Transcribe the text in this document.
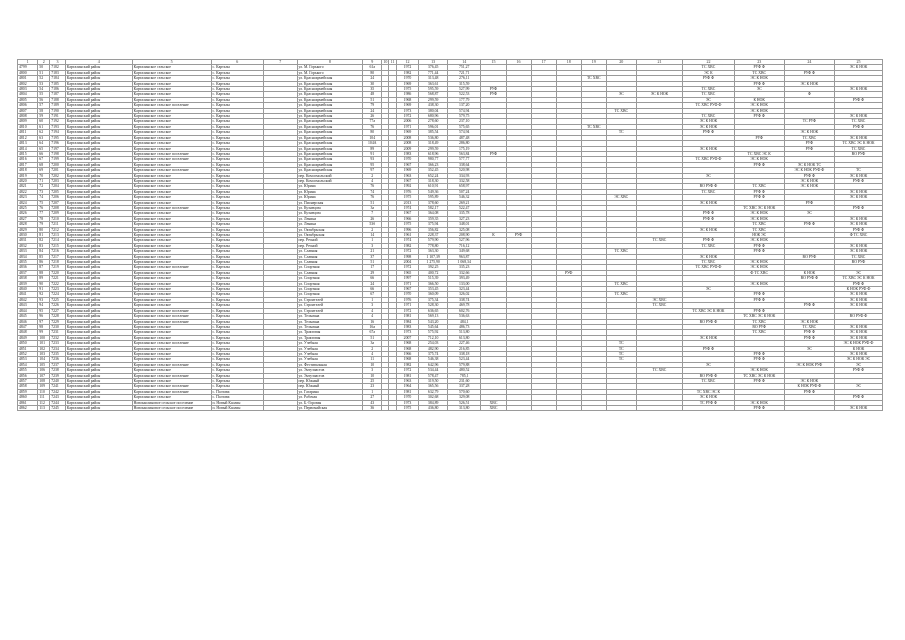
1	2	3	4	5	6	7	8	9	10	11	12	13	14	15	16	17	18	19	20	21	22	23	24	25
4799	50	7182	Карталинский район	Карталинское сельское	с. Карталы		ул. М. Горького	61а			1972	376,45	751,27								ТС ХВС	РУФ Ф		ЭС К НОК
4800	51	7183	Карталинский район	Карталинское сельское	с. Карталы		ул. М. Горького	80			1982	771,44	721,71								ЭС К	ТС ХВС	РУФ Ф	
4801	52	7184	Карталинский район	Карталинское сельское	с. Карталы		ул. Красноармейская	24			1970	313,48	276,11					ТС ХВС			РУФ Ф	ЭС К НОК		
4802	53	7185	Карталинский район	Карталинское сельское	с. Карталы		ул. Красноармейская	30			1969	363,61	315,59									РУФ Ф	ЭС К НОК	
4803	54	7186	Карталинский район	Карталинское сельское	с. Карталы		ул. Красноармейская	35			1975	595,59	527,99	РУФ							ТС ХВС	ЭС		ЭС К НОК
4804	55	7187	Карталинский район	Карталинское сельское	с. Карталы		ул. Красноармейская	48			1986	568,87	522,53	РУФ					ЭС	ЭС К НОК	ТС ХВС		Ф	
4805	56	7188	Карталинский район	Карталинское сельское	с. Карталы		ул. Красноармейская	51			1968	299,59	177,79								ЭС	К НОК		РУФ Ф
4806	57	7189	Карталинский район	Карталинское сельское поселение	с. Карталы		ул. Красноармейская	79			1969	438,30	137,20								ТС ХВС РУФ Ф	ЭС К НОК		
4807	58	7190	Карталинский район	Карталинское сельское	с. Карталы		ул. Красноармейская	24			1973	380,04	574,94						ТС ХВС			ЭС К НОК		
4808	59	7191	Карталинский район	Карталинское сельское	с. Карталы		ул. Красноармейская	26			1972	680,96	579,75								ТС ХВС	РУФ Ф		ЭС К НОК
4809	60	7192	Карталинский район	Карталинское сельское	с. Карталы		ул. Красноармейская	77а			2006	278,60	237,10								ЭС К НОК		ТС РУФ	ТС ХВС
4810	61	7193	Карталинский район	Карталинское сельское	с. Карталы		ул. Красноармейская	76			1971	596,01	575,65					ТС ХВС			ЭС К НОК			РУФ Ф
4811	62	7194	Карталинский район	Карталинское сельское	с. Карталы		ул. Красноармейская	80			1969	385,54	574,94						ТС		РУФ Ф		ЭС К НОК	
4812	63	7195	Карталинский район	Карталинское сельское	с. Карталы		ул. Красноармейская	104			2008	536,80	487,48									РУФ	ТС ХВС	ЭС К НОК
4813	64	7196	Карталинский район	Карталинское сельское	с. Карталы		ул. Красноармейская	104А			2008	318,49	286,80										РУФ	ТС ХВС ЭС К НОК
4814	65	7197	Карталинский район	Карталинское сельское	с. Карталы		ул. Красноармейская	89			2009	299,59	175,19								ЭС К НОК		РУФ	ТС ХВС
4815	66	7198	Карталинский район	Карталинское сельское поселение	с. Карталы		ул. Красноармейская	91			1983	618,96	563,84	РУФ								ТС ХВС ЭС К		ВО РУФ
4816	67	7199	Карталинский район	Карталинское сельское поселение	с. Карталы		ул. Красноармейская	93			1970	980,77	577,77								ТС ХВС РУФ Ф	ЭС К НОК		
4817	68	7200	Карталинский район	Карталинское сельское	с. Карталы		ул. Красноармейская	95			1967	366,23	338,64									РУФ Ф	ЭС К НОК ТС	
4818	69	7201	Карталинский район	Карталинское сельское поселение	с. Карталы		ул. Красноармейская	97			1969	352,45	520,98										ЭС К НОК РУФ Ф	ТС
4819	70	7202	Карталинский район	Карталинское сельское	с. Карталы		пер. Комсомольский	2			1963	652,24	334,93								ЭС		РУФ Ф	ЭС К НОК
4820	71	7203	Карталинский район	Карталинское сельское	с. Карталы		пер. Комсомольский	4			1967	318,30	332,58										ЭС К НОК	РУФ Ф
4821	72	7204	Карталинский район	Карталинское сельское	с. Карталы		ул. Юрина	76			1992	610,91	658,97								ВО РУФ Ф	ТС ХВС	ЭС К НОК	
4822	73	7205	Карталинский район	Карталинское сельское	с. Карталы		ул. Юрина	74			1976	549,36	507,24								ТС ХВС	РУФ Ф		ЭС К НОК
4823	74	7206	Карталинский район	Карталинское сельское	с. Карталы		ул. Юрина	76			1975	595,89	546,32						ЭС ХВС			РУФ Ф		ЭС К НОК
4824	75	7207	Карталинский район	Карталинское сельское	с. Карталы		ул. Пионерская	51			2013	378,60	269,21								ЭС К НОК		РУФ	
4825	76	7208	Карталинский район	Карталинское сельское поселение	с. Карталы		ул. Кузнецова	3а			1974	582,17	522,47									ТС ХВС ЭС К НОК		РУФ Ф
4826	77	7209	Карталинский район	Карталинское сельское	с. Карталы		ул. Кузнецова	7			1967	364,08	335,78								РУФ Ф	ЭС К НОК	ЭС	
4827	78	7210	Карталинский район	Карталинское сельское	с. Карталы		ул. Ленина	26			1966	359,35	327,23								РУФ Ф	ЭС К НОК		ЭС К НОК
4828	79	7211	Карталинский район	Карталинское сельское	с. Карталы		ул. Ленина	53б			1975	375,94	348,01									ТС ХВС	РУФ Ф	ЭС К НОК
4829	80	7212	Карталинский район	Карталинское сельское	с. Карталы		ул. Октябрьская	2			1996	356,82	325,08								ЭС К НОК	ТС ХВС		РУФ Ф
4830	81	7213	Карталинский район	Карталинское сельское	с. Карталы		ул. Октябрьская	14			1961	228,37	208,90	К	РУФ							НОК ЭС		Ф ТС ХВС
4831	82	7214	Карталинский район	Карталинское сельское	с. Карталы		пер. Речной	1			1974	579,90	527,96							ТС ХВС	РУФ Ф	ЭС К НОК		
4832	83	7215	Карталинский район	Карталинское сельское	с. Карталы		пер. Речной	3			1982	778,80	716,12								ТС ХВС	РУФ Ф		ЭС К НОК
4833	84	7216	Карталинский район	Карталинское сельское	с. Карталы		ул. Славная	21			1972	363,30	349,68						ТС ХВС			РУФ Ф		ЭС К НОК
4834	85	7217	Карталинский район	Карталинское сельское	с. Карталы		ул. Славная	37			1998	1 107,39	963,87								ЭС К НОК		ВО РУФ	ТС ХВС
4835	86	7218	Карталинский район	Карталинское сельское	с. Карталы		ул. Славная	51			2004	1 275,90	1 068,34								ТС ХВС	ЭС К НОК		ВО РУФ
4836	87	7219	Карталинский район	Карталинское сельское поселение	с. Карталы		ул. Спортная	17			1972	392,25	335,23								ТС ХВС РУФ Ф	ЭС К НОК		
4837	88	7220	Карталинский район	Карталинское сельское	с. Карталы		ул. Славная	29			1965	400,72	332,66				РУФ					Ф ТС ХВС	К НОК	ЭС
4838	89	7221	Карталинский район	Карталинское сельское	с. Карталы		ул. Спортная	66			1997	515,39	393,49										ВО РУФ Ф	ТС ХВС ЭС К НОК
4839	90	7222	Карталинский район	Карталинское сельское	с. Карталы		ул. Спортная	24			1971	366,50	133,00						ТС ХВС			ЭС К НОК		РУФ Ф
4840	91	7223	Карталинский район	Карталинское сельское	с. Карталы		ул. Спортная	66			1967	353,45	323,44								ЭС			К НОК РУФ Ф
4841	92	7224	Карталинский район	Карталинское сельское	с. Карталы		ул. Спортная	67			1970	360,09	326,02						ТС ХВС			РУФ Ф		ЭС К НОК
4842	93	7225	Карталинский район	Карталинское сельское	с. Карталы		ул. Строителей	1			1976	375,34	338,74							ЭС ХВС		РУФ Ф		ЭС К НОК
4843	94	7226	Карталинский район	Карталинское сельское	с. Карталы		ул. Строителей	3			1971	528,30	469,78							ТС ХВС			РУФ Ф	ЭС К НОК
4844	95	7227	Карталинский район	Карталинское сельское поселение	с. Карталы		ул. Строителей	4			1972	636,65	602,76								ТС ХВС ЭС К НОК	РУФ Ф		
4845	96	7228	Карталинский район	Карталинское сельское поселение	с. Карталы		ул. Тельмана	4			1981	569,13	536,63									ТС ХВС ЭС К НОК		ВО РУФ Ф
4846	97	7229	Карталинский район	Карталинское сельское поселение	с. Карталы		ул. Тельмана	16			1984	543,20	484,1								ВО РУФ Ф	ТС ХВС	ЭС К НОК	
4847	98	7230	Карталинский район	Карталинское сельское	с. Карталы		ул. Тельмана	16а			1983	545,64	486,73									ВО РУФ	ТС ХВС	ЭС К НОК
4848	99	7231	Карталинский район	Карталинское сельское	с. Карталы		ул. Трактовая	67а			1973	575,92	513,80									ТС ХВС	РУФ Ф	ЭС К НОК
4849	100	7232	Карталинский район	Карталинское сельское	с. Карталы		ул. Трактовая	51			2007	712,10	613,80								ЭС К НОК		РУФ Ф	ЭС К НОК
4850	101	7233	Карталинский район	Карталинское сельское поселение	с. Карталы		ул. Учебная	3а			1968	254,03	227,46						ТС					ЭС К НОК РУФ Ф
4851	102	7234	Карталинский район	Карталинское сельское	с. Карталы		ул. Учебная	2			1968	482,90	216,85						ТС		РУФ Ф		ЭС	К НОК
4852	103	7235	Карталинский район	Карталинское сельское	с. Карталы		ул. Учебная	4			1966	375,74	338,18						ТС			РУФ Ф		ЭС К НОК
4853	104	7236	Карталинский район	Карталинское сельское	с. Карталы		ул. Учебная	11			1968	546,38	523,44						ТС			РУФ Ф		ЭС К НОК ЭС
4854	105	7237	Карталинский район	Карталинское сельское поселение	с. Карталы		ул. Фестивальная	10			1982	642,96	579,88								ЭС		ЭС К НОК РУФ	ЭС
4855	106	7238	Карталинский район	Карталинское сельское	с. Карталы		ул. Энтузиастов	3			1972	534,44	480,52							ТС ХВС		ЭС К НОК		РУФ Ф
4856	107	7239	Карталинский район	Карталинское сельское поселение	с. Карталы		ул. Энтузиастов	10			1981	578,47	785,1								ВО РУФ Ф	ТС ХВС ЭС К НОК		
4857	108	7240	Карталинский район	Карталинское сельское	с. Карталы		пер. Южный	25			1963	319,50	231,60								ТС ХВС	РУФ Ф	ЭС К НОК	
4858	109	7241	Карталинский район	Карталинское сельское поселение	с. Карталы		пер. Южный	23			1964	365,56	337,28										К НОК РУФ Ф	ЭС
4859	110	7242	Карталинский район	Карталинское сельское поселение	с. Полтава		ул. Гагарина	1			1981	632,79	570,60								ТС ХВС ЭС К		РУФ Ф	
4860	111	7243	Карталинский район	Карталинское сельское	с. Полтава		ул. Рабочая	27			1970	302,68	329,08								ЭС К НОК			РУФ Ф
4861	112	7244	Карталинский район	Новокаолиновое сельское поселение	п. Новый Каолин		ул. Б.-Горовая	43			1973	384,89	526,51	ХВС							ТС РУФ Ф	ЭС К НОК		
4862	113	7245	Карталинский район	Новокаолиновое сельское поселение	п. Новый Каолин		ул. Первомайская	36			1975	436,80	313,80	ХВС								РУФ Ф		ЭС К НОК
